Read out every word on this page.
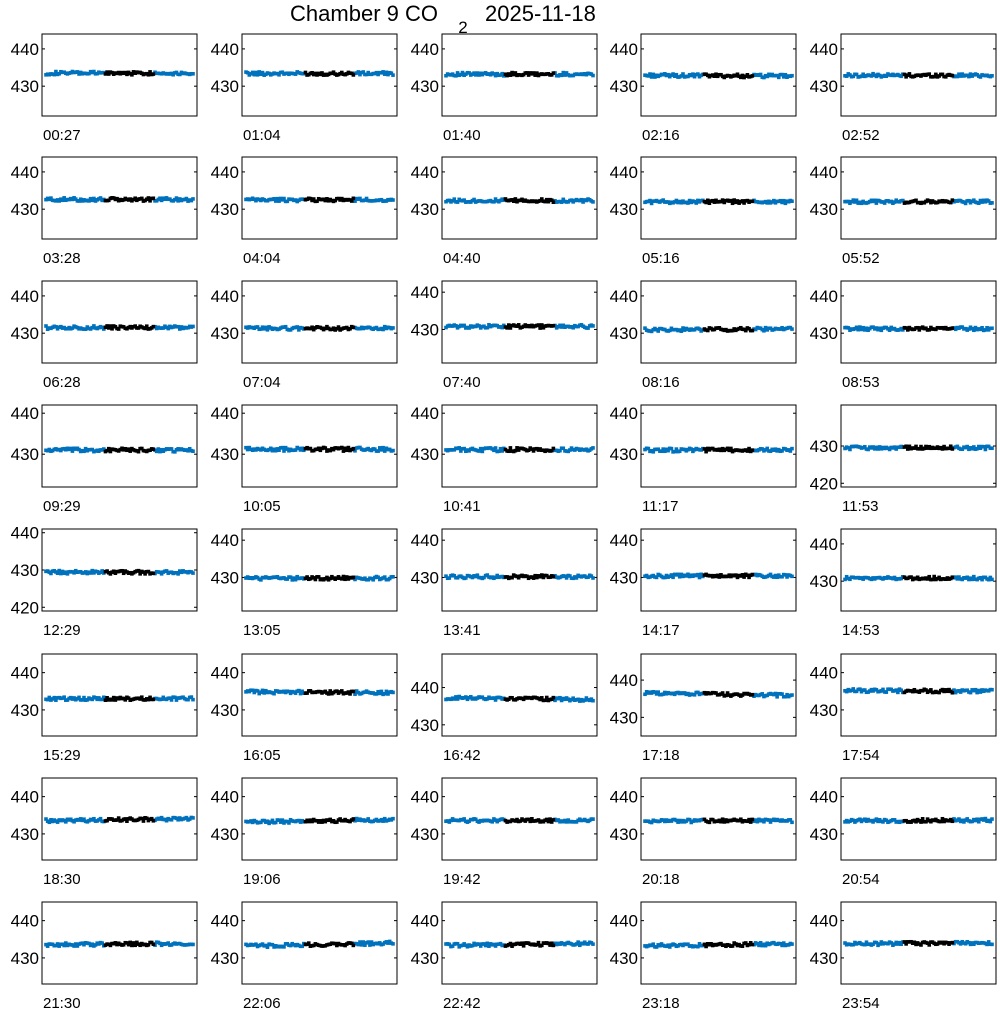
Chamber 9 CO
2
2025-11-18
430
440
00:27
430
440
01:04
430
440
01:40
430
440
02:16
430
440
02:52
430
440
03:28
430
440
04:04
430
440
04:40
430
440
05:16
430
440
05:52
430
440
06:28
430
440
07:04
430
440
07:40
430
440
08:16
430
440
08:53
430
440
09:29
430
440
10:05
430
440
10:41
430
440
11:17
420
430
11:53
420
430
440
12:29
430
440
13:05
430
440
13:41
430
440
14:17
430
440
14:53
430
440
15:29
430
440
16:05
430
440
16:42
430
440
17:18
430
440
17:54
430
440
18:30
430
440
19:06
430
440
19:42
430
440
20:18
430
440
20:54
430
440
21:30
430
440
22:06
430
440
22:42
430
440
23:18
430
440
23:54
